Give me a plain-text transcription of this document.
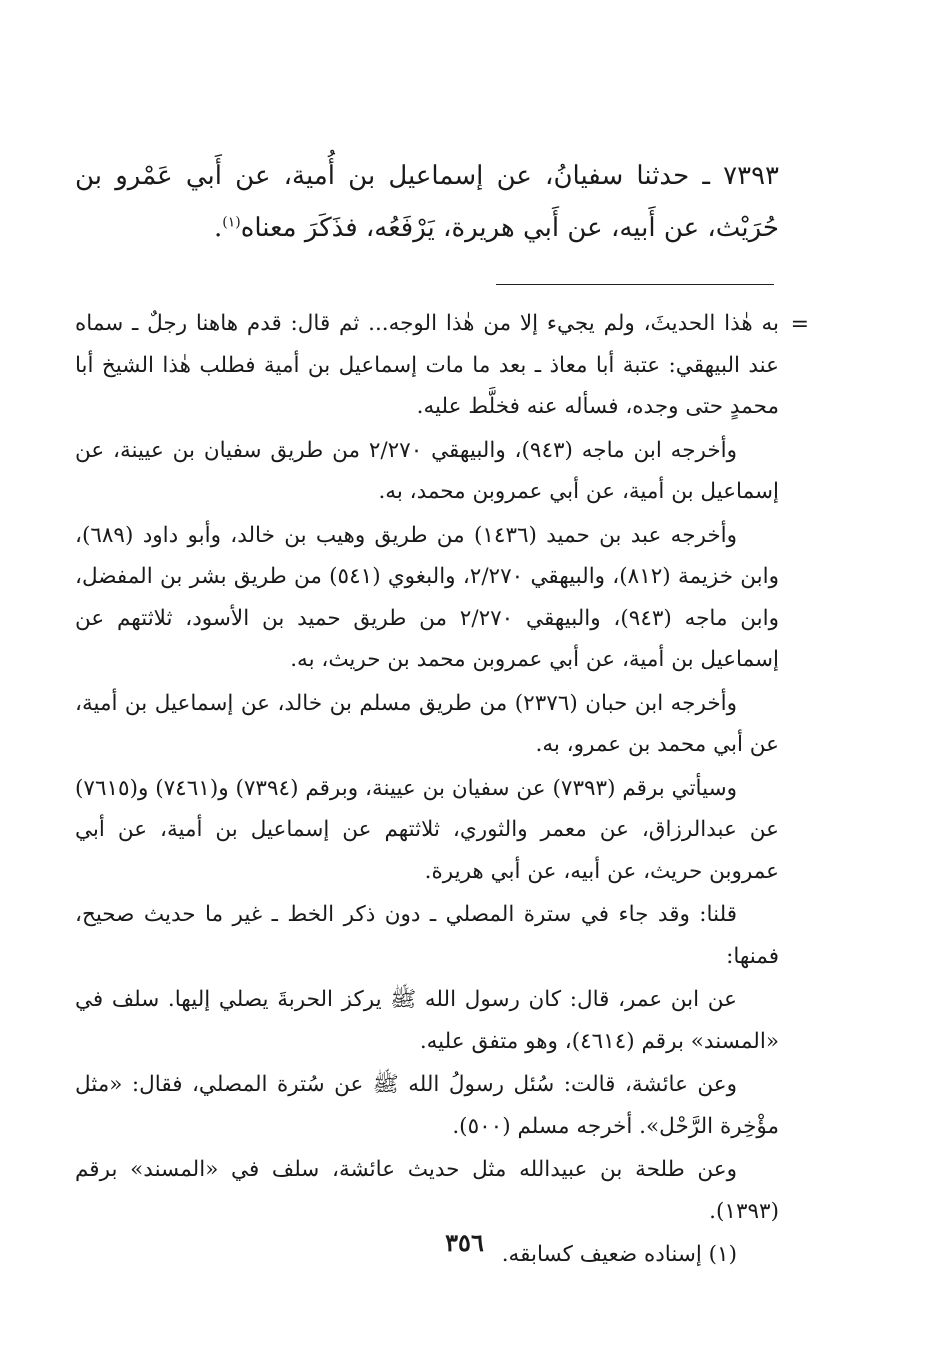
٧٣٩٣ ـ حدثنا سفيانُ، عن إسماعيل بن أُمية، عن أَبي عَمْرو بن حُرَيْث، عن أَبيه، عن أَبي هريرة، يَرْفَعُه، فذَكَرَ معناه$^{(١)}$.

=

به هٰذا الحديثَ، ولم يجيء إلا من هٰذا الوجه... ثم قال: قدم هاهنا رجلٌ ـ سماه عند البيهقي: عتبة أبا معاذ ـ بعد ما مات إسماعيل بن أمية فطلب هٰذا الشيخ أبا محمدٍ حتى وجده، فسأله عنه فخلَّط عليه.

وأخرجه ابن ماجه (٩٤٣)، والبيهقي ٢/٢٧٠ من طريق سفيان بن عيينة، عن إسماعيل بن أمية، عن أبي عمروبن محمد، به.

وأخرجه عبد بن حميد (١٤٣٦) من طريق وهيب بن خالد، وأبو داود (٦٨٩)، وابن خزيمة (٨١٢)، والبيهقي ٢/٢٧٠، والبغوي (٥٤١) من طريق بشر بن المفضل، وابن ماجه (٩٤٣)، والبيهقي ٢/٢٧٠ من طريق حميد بن الأسود، ثلاثتهم عن إسماعيل بن أمية، عن أبي عمروبن محمد بن حريث، به.

وأخرجه ابن حبان (٢٣٧٦) من طريق مسلم بن خالد، عن إسماعيل بن أمية، عن أبي محمد بن عمرو، به.

وسيأتي برقم (٧٣٩٣) عن سفيان بن عيينة، وبرقم (٧٣٩٤) و(٧٤٦١) و(٧٦١٥) عن عبدالرزاق، عن معمر والثوري، ثلاثتهم عن إسماعيل بن أمية، عن أبي عمروبن حريث، عن أبيه، عن أبي هريرة.

قلنا: وقد جاء في سترة المصلي ـ دون ذكر الخط ـ غير ما حديث صحيح، فمنها:

عن ابن عمر، قال: كان رسول الله ﷺ يركز الحربةَ يصلي إليها. سلف في «المسند» برقم (٤٦١٤)، وهو متفق عليه.

وعن عائشة، قالت: سُئل رسولُ الله ﷺ عن سُترة المصلي، فقال: «مثل مؤْخِرة الرَّحْل». أخرجه مسلم (٥٠٠).

وعن طلحة بن عبيدالله مثل حديث عائشة، سلف في «المسند» برقم (١٣٩٣).

(١) إسناده ضعيف كسابقه.

٣٥٦
